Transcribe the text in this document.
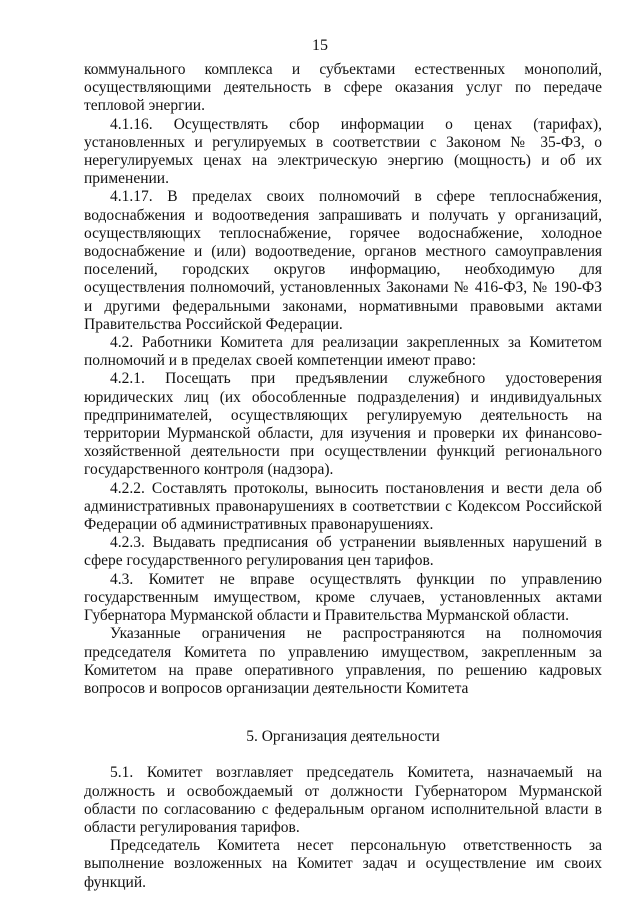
15

коммунального комплекса и субъектами естественных монополий, осуществляющими деятельность в сфере оказания услуг по передаче тепловой энергии.

4.1.16. Осуществлять сбор информации о ценах (тарифах), установленных и регулируемых в соответствии с Законом № 35-ФЗ, о нерегулируемых ценах на электрическую энергию (мощность) и об их применении.

4.1.17. В пределах своих полномочий в сфере теплоснабжения, водоснабжения и водоотведения запрашивать и получать у организаций, осуществляющих теплоснабжение, горячее водоснабжение, холодное водоснабжение и (или) водоотведение, органов местного самоуправления поселений, городских округов информацию, необходимую для осуществления полномочий, установленных Законами № 416-ФЗ, № 190-ФЗ и другими федеральными законами, нормативными правовыми актами Правительства Российской Федерации.

4.2. Работники Комитета для реализации закрепленных за Комитетом полномочий и в пределах своей компетенции имеют право:

4.2.1. Посещать при предъявлении служебного удостоверения юридических лиц (их обособленные подразделения) и индивидуальных предпринимателей, осуществляющих регулируемую деятельность на территории Мурманской области, для изучения и проверки их финансово-хозяйственной деятельности при осуществлении функций регионального государственного контроля (надзора).

4.2.2. Составлять протоколы, выносить постановления и вести дела об административных правонарушениях в соответствии с Кодексом Российской Федерации об административных правонарушениях.

4.2.3. Выдавать предписания об устранении выявленных нарушений в сфере государственного регулирования цен тарифов.

4.3. Комитет не вправе осуществлять функции по управлению государственным имуществом, кроме случаев, установленных актами Губернатора Мурманской области и Правительства Мурманской области.

Указанные ограничения не распространяются на полномочия председателя Комитета по управлению имуществом, закрепленным за Комитетом на праве оперативного управления, по решению кадровых вопросов и вопросов организации деятельности Комитета

5. Организация деятельности

5.1. Комитет возглавляет председатель Комитета, назначаемый на должность и освобождаемый от должности Губернатором Мурманской области по согласованию с федеральным органом исполнительной власти в области регулирования тарифов.

Председатель Комитета несет персональную ответственность за выполнение возложенных на Комитет задач и осуществление им своих функций.
